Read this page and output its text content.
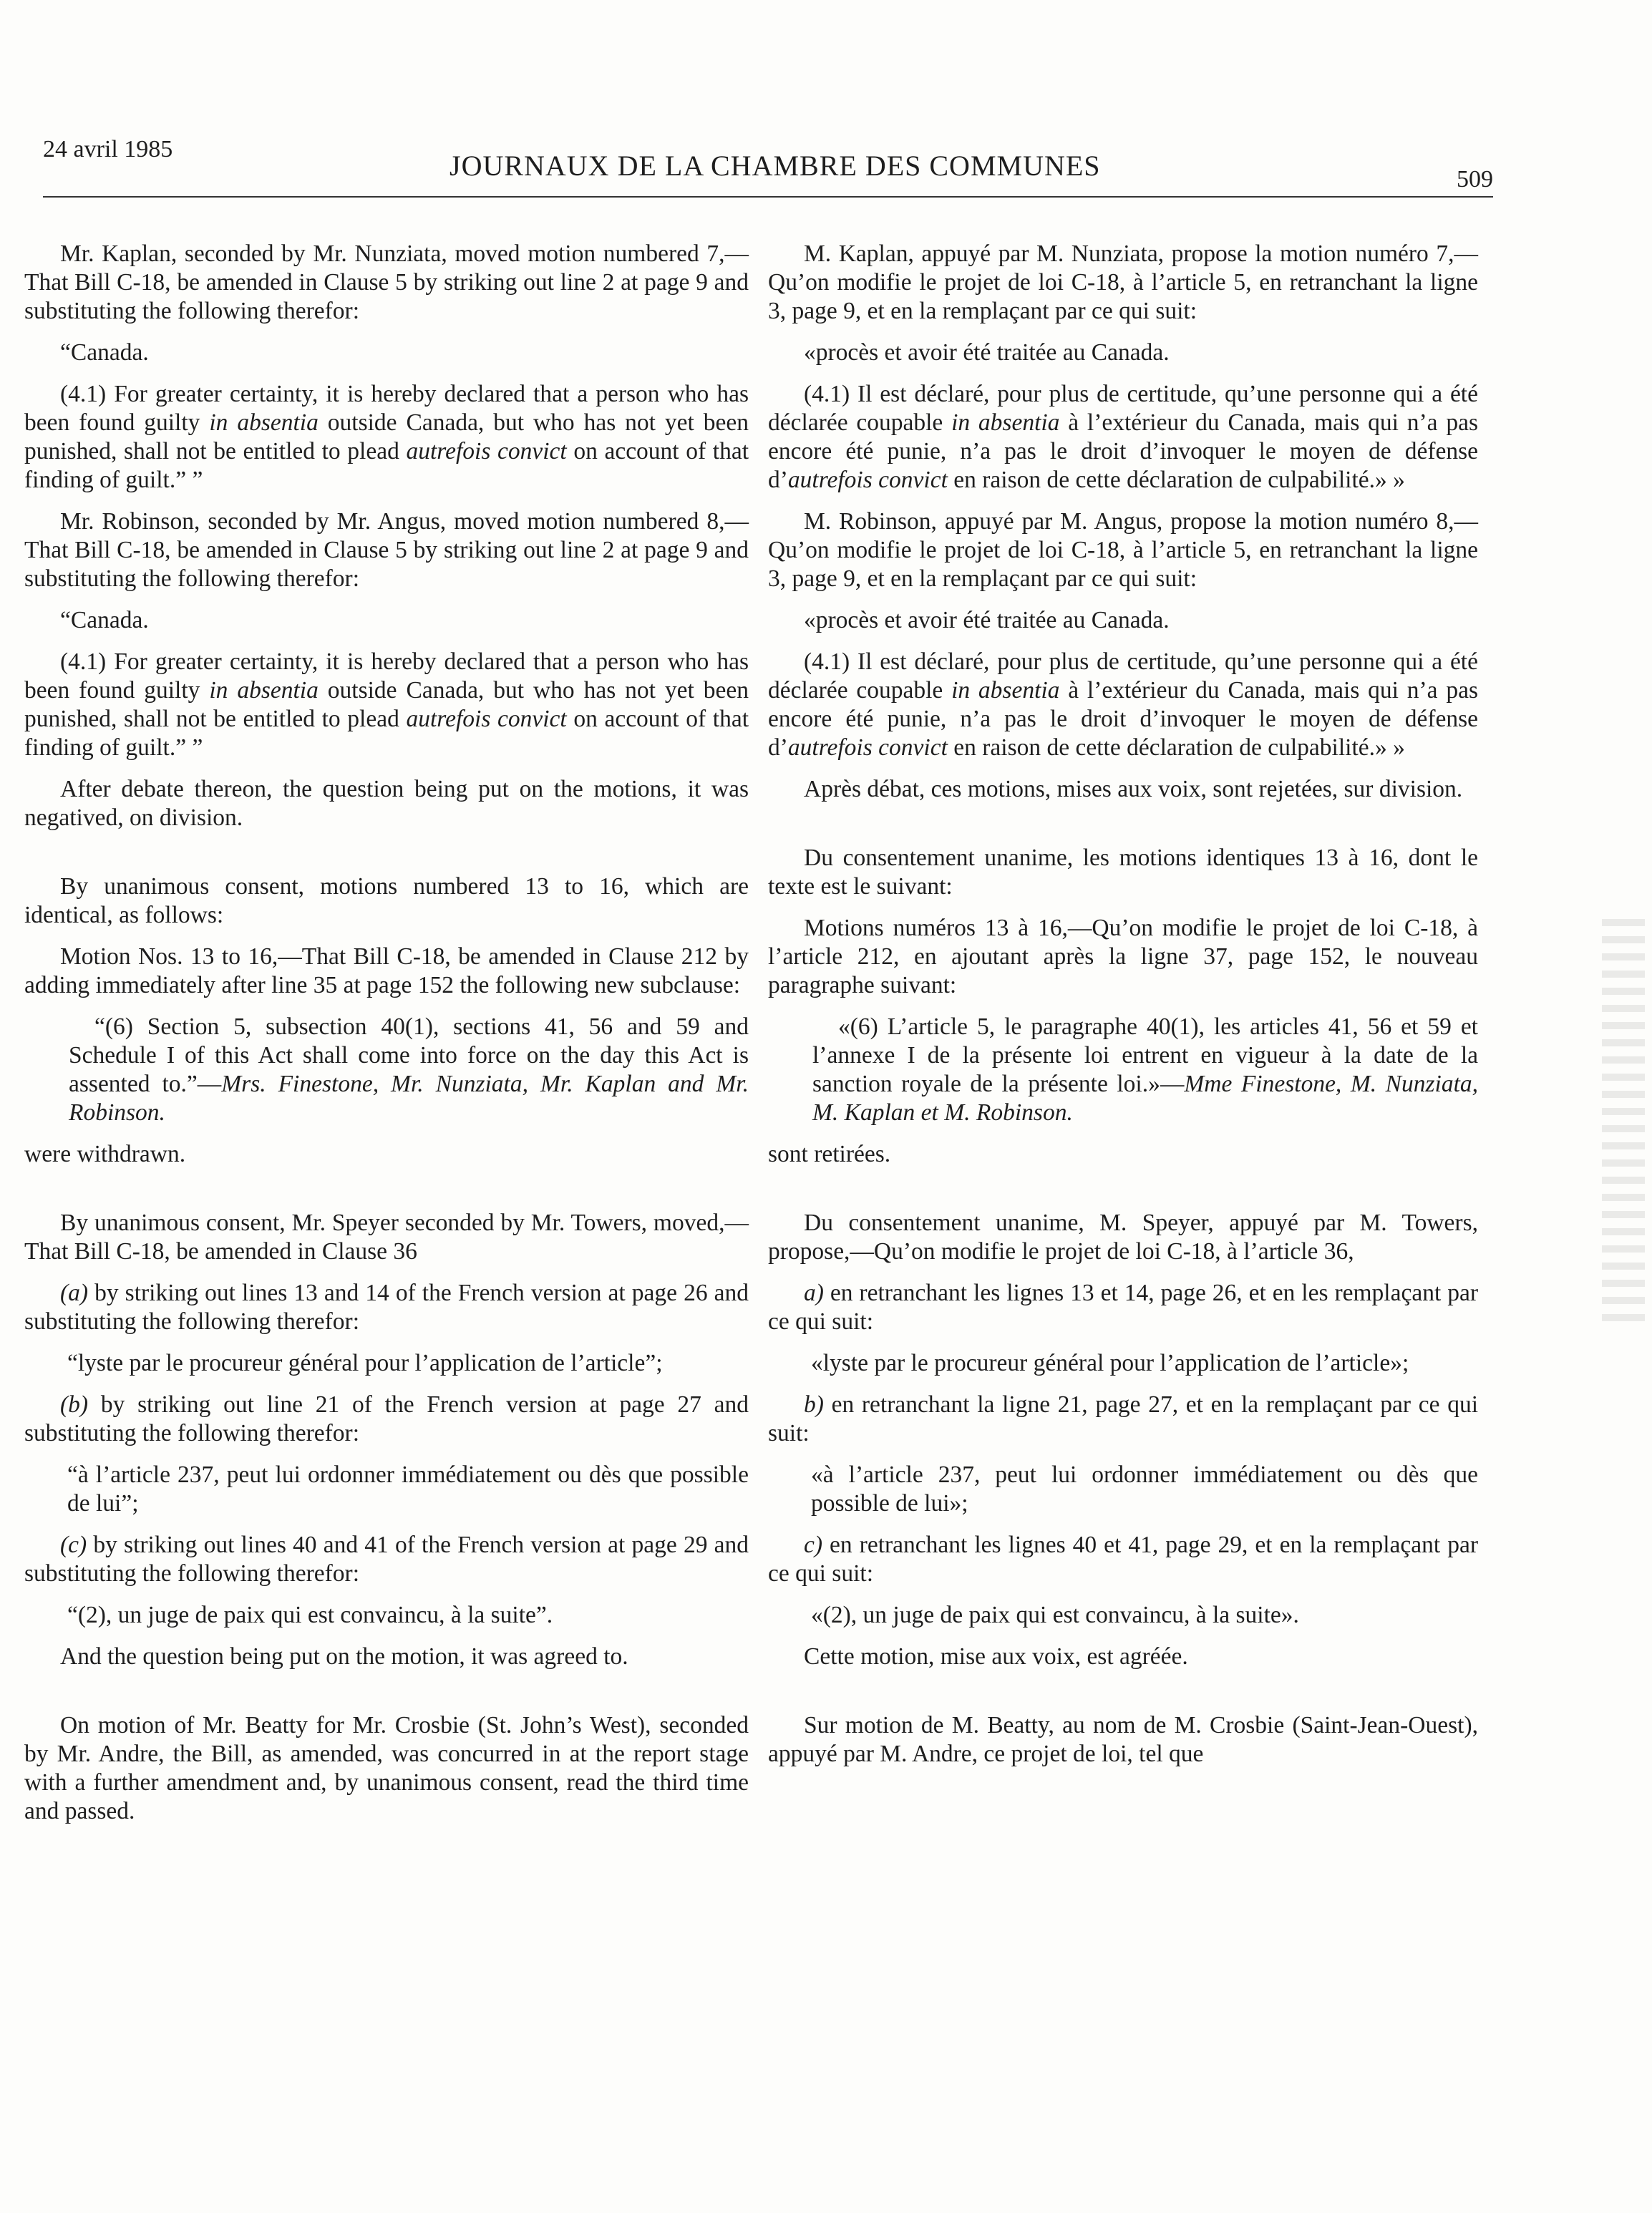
24 avril 1985
JOURNAUX DE LA CHAMBRE DES COMMUNES	509

Mr. Kaplan, seconded by Mr. Nunziata, moved motion numbered 7,—That Bill C-18, be amended in Clause 5 by striking out line 2 at page 9 and substituting the following therefor:

“Canada.

(4.1) For greater certainty, it is hereby declared that a person who has been found guilty in absentia outside Canada, but who has not yet been punished, shall not be entitled to plead autrefois convict on account of that finding of guilt.” ”

Mr. Robinson, seconded by Mr. Angus, moved motion numbered 8,—That Bill C-18, be amended in Clause 5 by striking out line 2 at page 9 and substituting the following therefor:

“Canada.

(4.1) For greater certainty, it is hereby declared that a person who has been found guilty in absentia outside Canada, but who has not yet been punished, shall not be entitled to plead autrefois convict on account of that finding of guilt.” ”

After debate thereon, the question being put on the motions, it was negatived, on division.

By unanimous consent, motions numbered 13 to 16, which are identical, as follows:

Motion Nos. 13 to 16,—That Bill C-18, be amended in Clause 212 by adding immediately after line 35 at page 152 the following new subclause:

“(6) Section 5, subsection 40(1), sections 41, 56 and 59 and Schedule I of this Act shall come into force on the day this Act is assented to.”—Mrs. Finestone, Mr. Nunziata, Mr. Kaplan and Mr. Robinson.

were withdrawn.

By unanimous consent, Mr. Speyer seconded by Mr. Towers, moved,—That Bill C-18, be amended in Clause 36

(a) by striking out lines 13 and 14 of the French version at page 26 and substituting the following therefor:

“lyste par le procureur général pour l’application de l’article”;

(b) by striking out line 21 of the French version at page 27 and substituting the following therefor:

“à l’article 237, peut lui ordonner immédiatement ou dès que possible de lui”;

(c) by striking out lines 40 and 41 of the French version at page 29 and substituting the following therefor:

“(2), un juge de paix qui est convaincu, à la suite”.

And the question being put on the motion, it was agreed to.

On motion of Mr. Beatty for Mr. Crosbie (St. John’s West), seconded by Mr. Andre, the Bill, as amended, was concurred in at the report stage with a further amendment and, by unanimous consent, read the third time and passed.

M. Kaplan, appuyé par M. Nunziata, propose la motion numéro 7,—Qu’on modifie le projet de loi C-18, à l’article 5, en retranchant la ligne 3, page 9, et en la remplaçant par ce qui suit:

«procès et avoir été traitée au Canada.

(4.1) Il est déclaré, pour plus de certitude, qu’une personne qui a été déclarée coupable in absentia à l’extérieur du Canada, mais qui n’a pas encore été punie, n’a pas le droit d’invoquer le moyen de défense d’autrefois convict en raison de cette déclaration de culpabilité.» »

M. Robinson, appuyé par M. Angus, propose la motion numéro 8,—Qu’on modifie le projet de loi C-18, à l’article 5, en retranchant la ligne 3, page 9, et en la remplaçant par ce qui suit:

«procès et avoir été traitée au Canada.

(4.1) Il est déclaré, pour plus de certitude, qu’une personne qui a été déclarée coupable in absentia à l’extérieur du Canada, mais qui n’a pas encore été punie, n’a pas le droit d’invoquer le moyen de défense d’autrefois convict en raison de cette déclaration de culpabilité.» »

Après débat, ces motions, mises aux voix, sont rejetées, sur division.

Du consentement unanime, les motions identiques 13 à 16, dont le texte est le suivant:

Motions numéros 13 à 16,—Qu’on modifie le projet de loi C-18, à l’article 212, en ajoutant après la ligne 37, page 152, le nouveau paragraphe suivant:

«(6) L’article 5, le paragraphe 40(1), les articles 41, 56 et 59 et l’annexe I de la présente loi entrent en vigueur à la date de la sanction royale de la présente loi.»—Mme Finestone, M. Nunziata, M. Kaplan et M. Robinson.

sont retirées.

Du consentement unanime, M. Speyer, appuyé par M. Towers, propose,—Qu’on modifie le projet de loi C-18, à l’article 36,

a) en retranchant les lignes 13 et 14, page 26, et en les remplaçant par ce qui suit:

«lyste par le procureur général pour l’application de l’article»;

b) en retranchant la ligne 21, page 27, et en la remplaçant par ce qui suit:

«à l’article 237, peut lui ordonner immédiatement ou dès que possible de lui»;

c) en retranchant les lignes 40 et 41, page 29, et en la remplaçant par ce qui suit:

«(2), un juge de paix qui est convaincu, à la suite».

Cette motion, mise aux voix, est agréée.

Sur motion de M. Beatty, au nom de M. Crosbie (Saint-Jean-Ouest), appuyé par M. Andre, ce projet de loi, tel que
